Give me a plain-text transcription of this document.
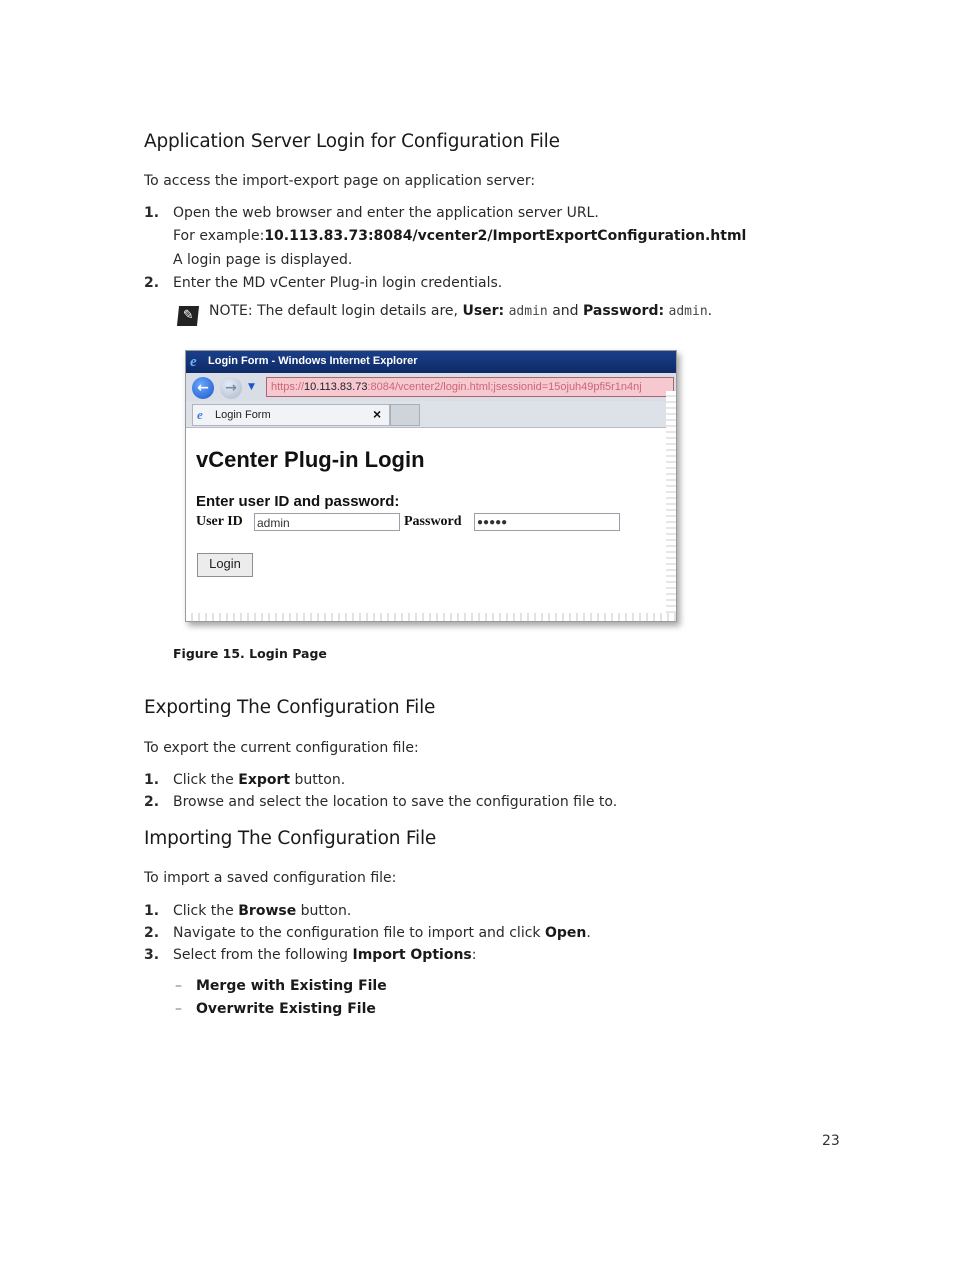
Application Server Login for Configuration File
To access the import-export page on application server:
1. Open the web browser and enter the application server URL.
For example:10.113.83.73:8084/vcenter2/ImportExportConfiguration.html
A login page is displayed.
2. Enter the MD vCenter Plug-in login credentials.
✎	NOTE: The default login details are, User: admin and Password: admin.
e	Login Form - Windows Internet Explorer
←	→	▼	https://10.113.83.73:8084/vcenter2/login.html;jsessionid=15ojuh49pfi5r1n4nj
e Login Form	×
vCenter Plug-in Login
Enter user ID and password:
User ID admin	Password	●●●●●
Login
Figure 15. Login Page
Exporting The Configuration File
To export the current configuration file:
1. Click the Export button.
2. Browse and select the location to save the configuration file to.
Importing The Configuration File
To import a saved configuration file:
1. Click the Browse button.
2. Navigate to the configuration file to import and click Open.
3. Select from the following Import Options:
– Merge with Existing File
– Overwrite Existing File
23
